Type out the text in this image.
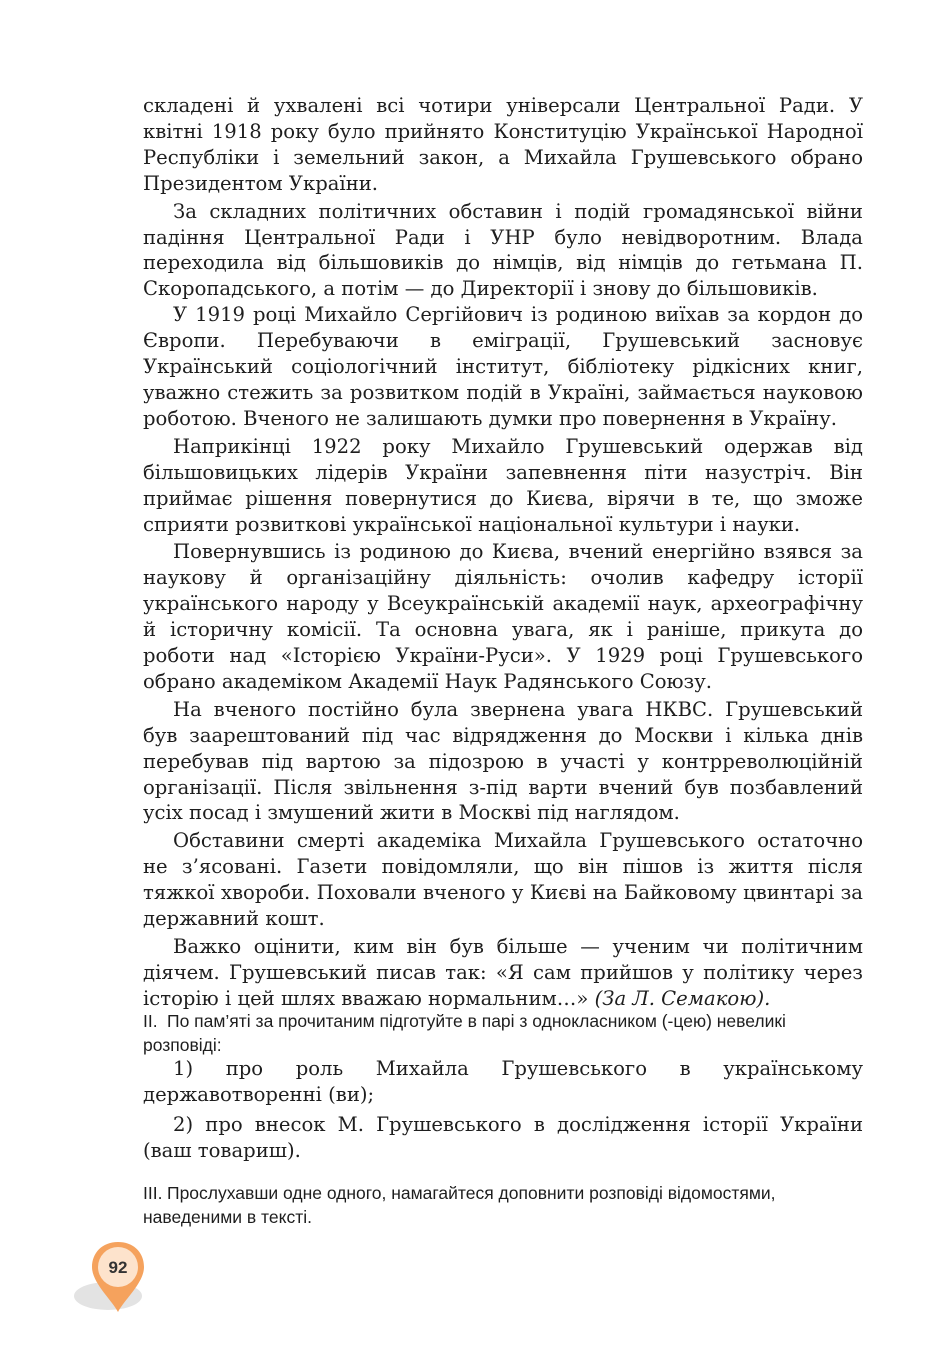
складені й ухвалені всі чотири універсали Центральної Ради. У квітні 1918 року було прийнято Конституцію Української Народної Республіки і земельний закон, а Михайла Грушевського обрано Президентом України.

За складних політичних обставин і подій громадянської війни падіння Центральної Ради і УНР було невідворотним. Влада переходила від більшовиків до німців, від німців до гетьмана П. Скоропадського, а потім — до Директорії і знову до більшовиків.

У 1919 році Михайло Сергійович із родиною виїхав за кордон до Європи. Перебуваючи в еміграції, Грушевський засновує Український соціологічний інститут, бібліотеку рідкісних книг, уважно стежить за розвитком подій в Україні, займається науковою роботою. Вченого не залишають думки про повернення в Україну.

Наприкінці 1922 року Михайло Грушевський одержав від більшовицьких лідерів України запевнення піти назустріч. Він приймає рішення повернутися до Києва, вірячи в те, що зможе сприяти розвиткові української національної культури і науки.

Повернувшись із родиною до Києва, вчений енергійно взявся за наукову й організаційну діяльність: очолив кафедру історії українського народу у Всеукраїнській академії наук, археографічну й історичну комісії. Та основна увага, як і раніше, прикута до роботи над «Історією України-Руси». У 1929 році Грушевського обрано академіком Академії Наук Радянського Союзу.

На вченого постійно була звернена увага НКВС. Грушевський був заарештований під час відрядження до Москви і кілька днів перебував під вартою за підозрою в участі у контрреволюційній організації. Після звільнення з-під варти вчений був позбавлений усіх посад і змушений жити в Москві під наглядом.

Обставини смерті академіка Михайла Грушевського остаточно не з’ясовані. Газети повідомляли, що він пішов із життя після тяжкої хвороби. Поховали вченого у Києві на Байковому цвинтарі за державний кошт.

Важко оцінити, ким він був більше — ученим чи політичним діячем. Грушевський писав так: «Я сам прийшов у політику через історію і цей шлях вважаю нормальним…» (За Л. Семакою).

II. По пам’яті за прочитаним підготуйте в парі з однокласником (-цею) невеликі розповіді:

1) про роль Михайла Грушевського в українському державотворенні (ви);

2) про внесок М. Грушевського в дослідження історії України (ваш товариш).

III. Прослухавши одне одного, намагайтеся доповнити розповіді відомостями, наведеними в тексті.
92
